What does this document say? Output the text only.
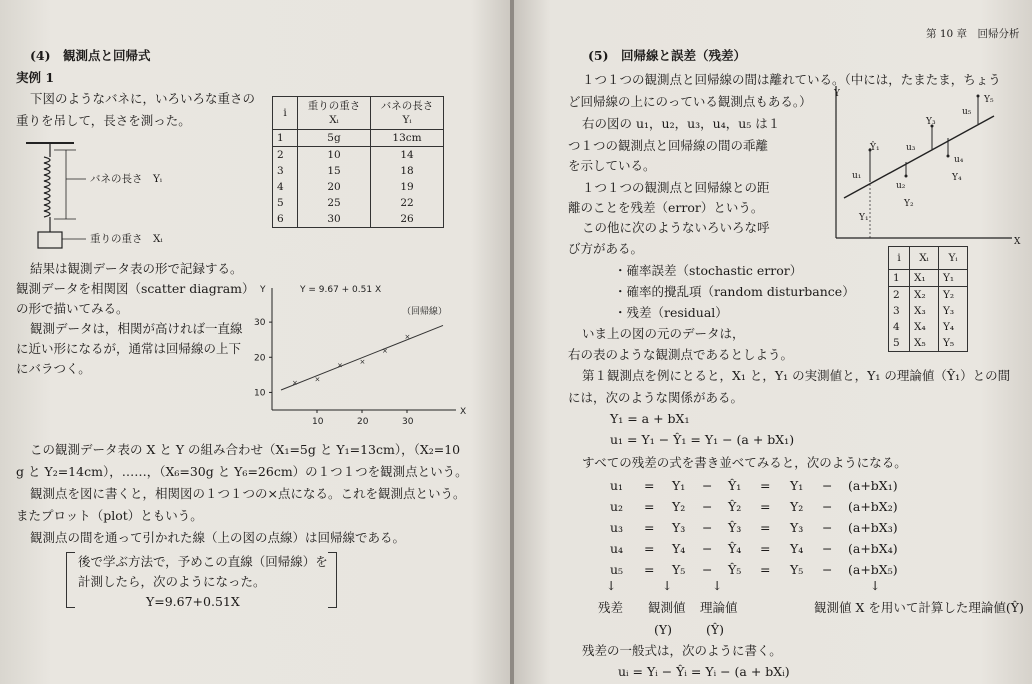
(4)　観測点と回帰式
実例 1
下図のようなバネに，いろいろな重さの
重りを吊して，長さを測った。
バネの長さ　Yᵢ
重りの重さ　Xᵢ
i	重りの重さ Xᵢ	バネの長さ Yᵢ
1	5g	13cm
2	10	14
3	15	18
4	20	19
5	25	22
6	30	26
結果は観測データ表の形で記録する。
観測データを相関図（scatter diagram）
の形で描いてみる。
観測データは，相関が高ければ一直線
に近い形になるが，通常は回帰線の上下
にバラつく。
Y
X
10	20	30
10
20
30
× ×
× ×
×
×
Y = 9.67 + 0.51 X
（回帰線）
この観測データ表の X と Y の組み合わせ（X₁=5g と Y₁=13cm），（X₂=10
g と Y₂=14cm），……，（X₆=30g と Y₆=26cm）の１つ１つを観測点という。
観測点を図に書くと，相関図の１つ１つの×点になる。これを観測点という。
またプロット（plot）ともいう。
観測点の間を通って引かれた線（上の図の点線）は回帰線である。
後で学ぶ方法で，予めこの直線（回帰線）を
計測したら，次のようになった。
Y=9.67+0.51X
第 10 章　回帰分析
(5)　回帰線と誤差（残差）
１つ１つの観測点と回帰線の間は離れている。（中には，たまたま，ちょう
ど回帰線の上にのっている観測点もある。）
右の図の u₁，u₂，u₃，u₄，u₅ は１
つ１つの観測点と回帰線の間の乖離
を示している。
１つ１つの観測点と回帰線との距
離のことを残差（error）という。
この他に次のようないろいろな呼
び方がある。
・確率誤差（stochastic error）
・確率的攪乱項（random disturbance）
・残差（residual）
いま上の図の元のデータは，
右の表のような観測点であるとしよう。
第１観測点を例にとると，X₁ と，Y₁ の実測値と，Y₁ の理論値（Ŷ₁）との間
には，次のような関係がある。
Y₁ = a + bX₁
u₁ = Y₁ − Ŷ₁ = Y₁ − (a + bX₁)
すべての残差の式を書き並べてみると，次のようになる。
↓	↓	↓	↓
残差 観測値 理論値	観測値 X を用いて計算した理論値(Ŷ)
(Y)	(Ŷ)
残差の一般式は，次のように書く。
uᵢ = Yᵢ − Ŷᵢ = Yᵢ − (a + bXᵢ)
Y
X
u₁
Ŷ₁
Y₁
u₂
Y₂
u₃
Y₃
u₄
Y₄
u₅
Y₅
i	Xᵢ	Yᵢ
1	X₁	Y₁
2	X₂	Y₂
3	X₃	Y₃
4	X₄	Y₄
5	X₅	Y₅
u₁ = Y₁ − Ŷ₁ = Y₁ − (a+bX₁)
u₂ = Y₂ − Ŷ₂ = Y₂ − (a+bX₂)
u₃ = Y₃ − Ŷ₃ = Y₃ − (a+bX₃)
u₄ = Y₄ − Ŷ₄ = Y₄ − (a+bX₄)
u₅ = Y₅ − Ŷ₅ = Y₅ − (a+bX₅)
